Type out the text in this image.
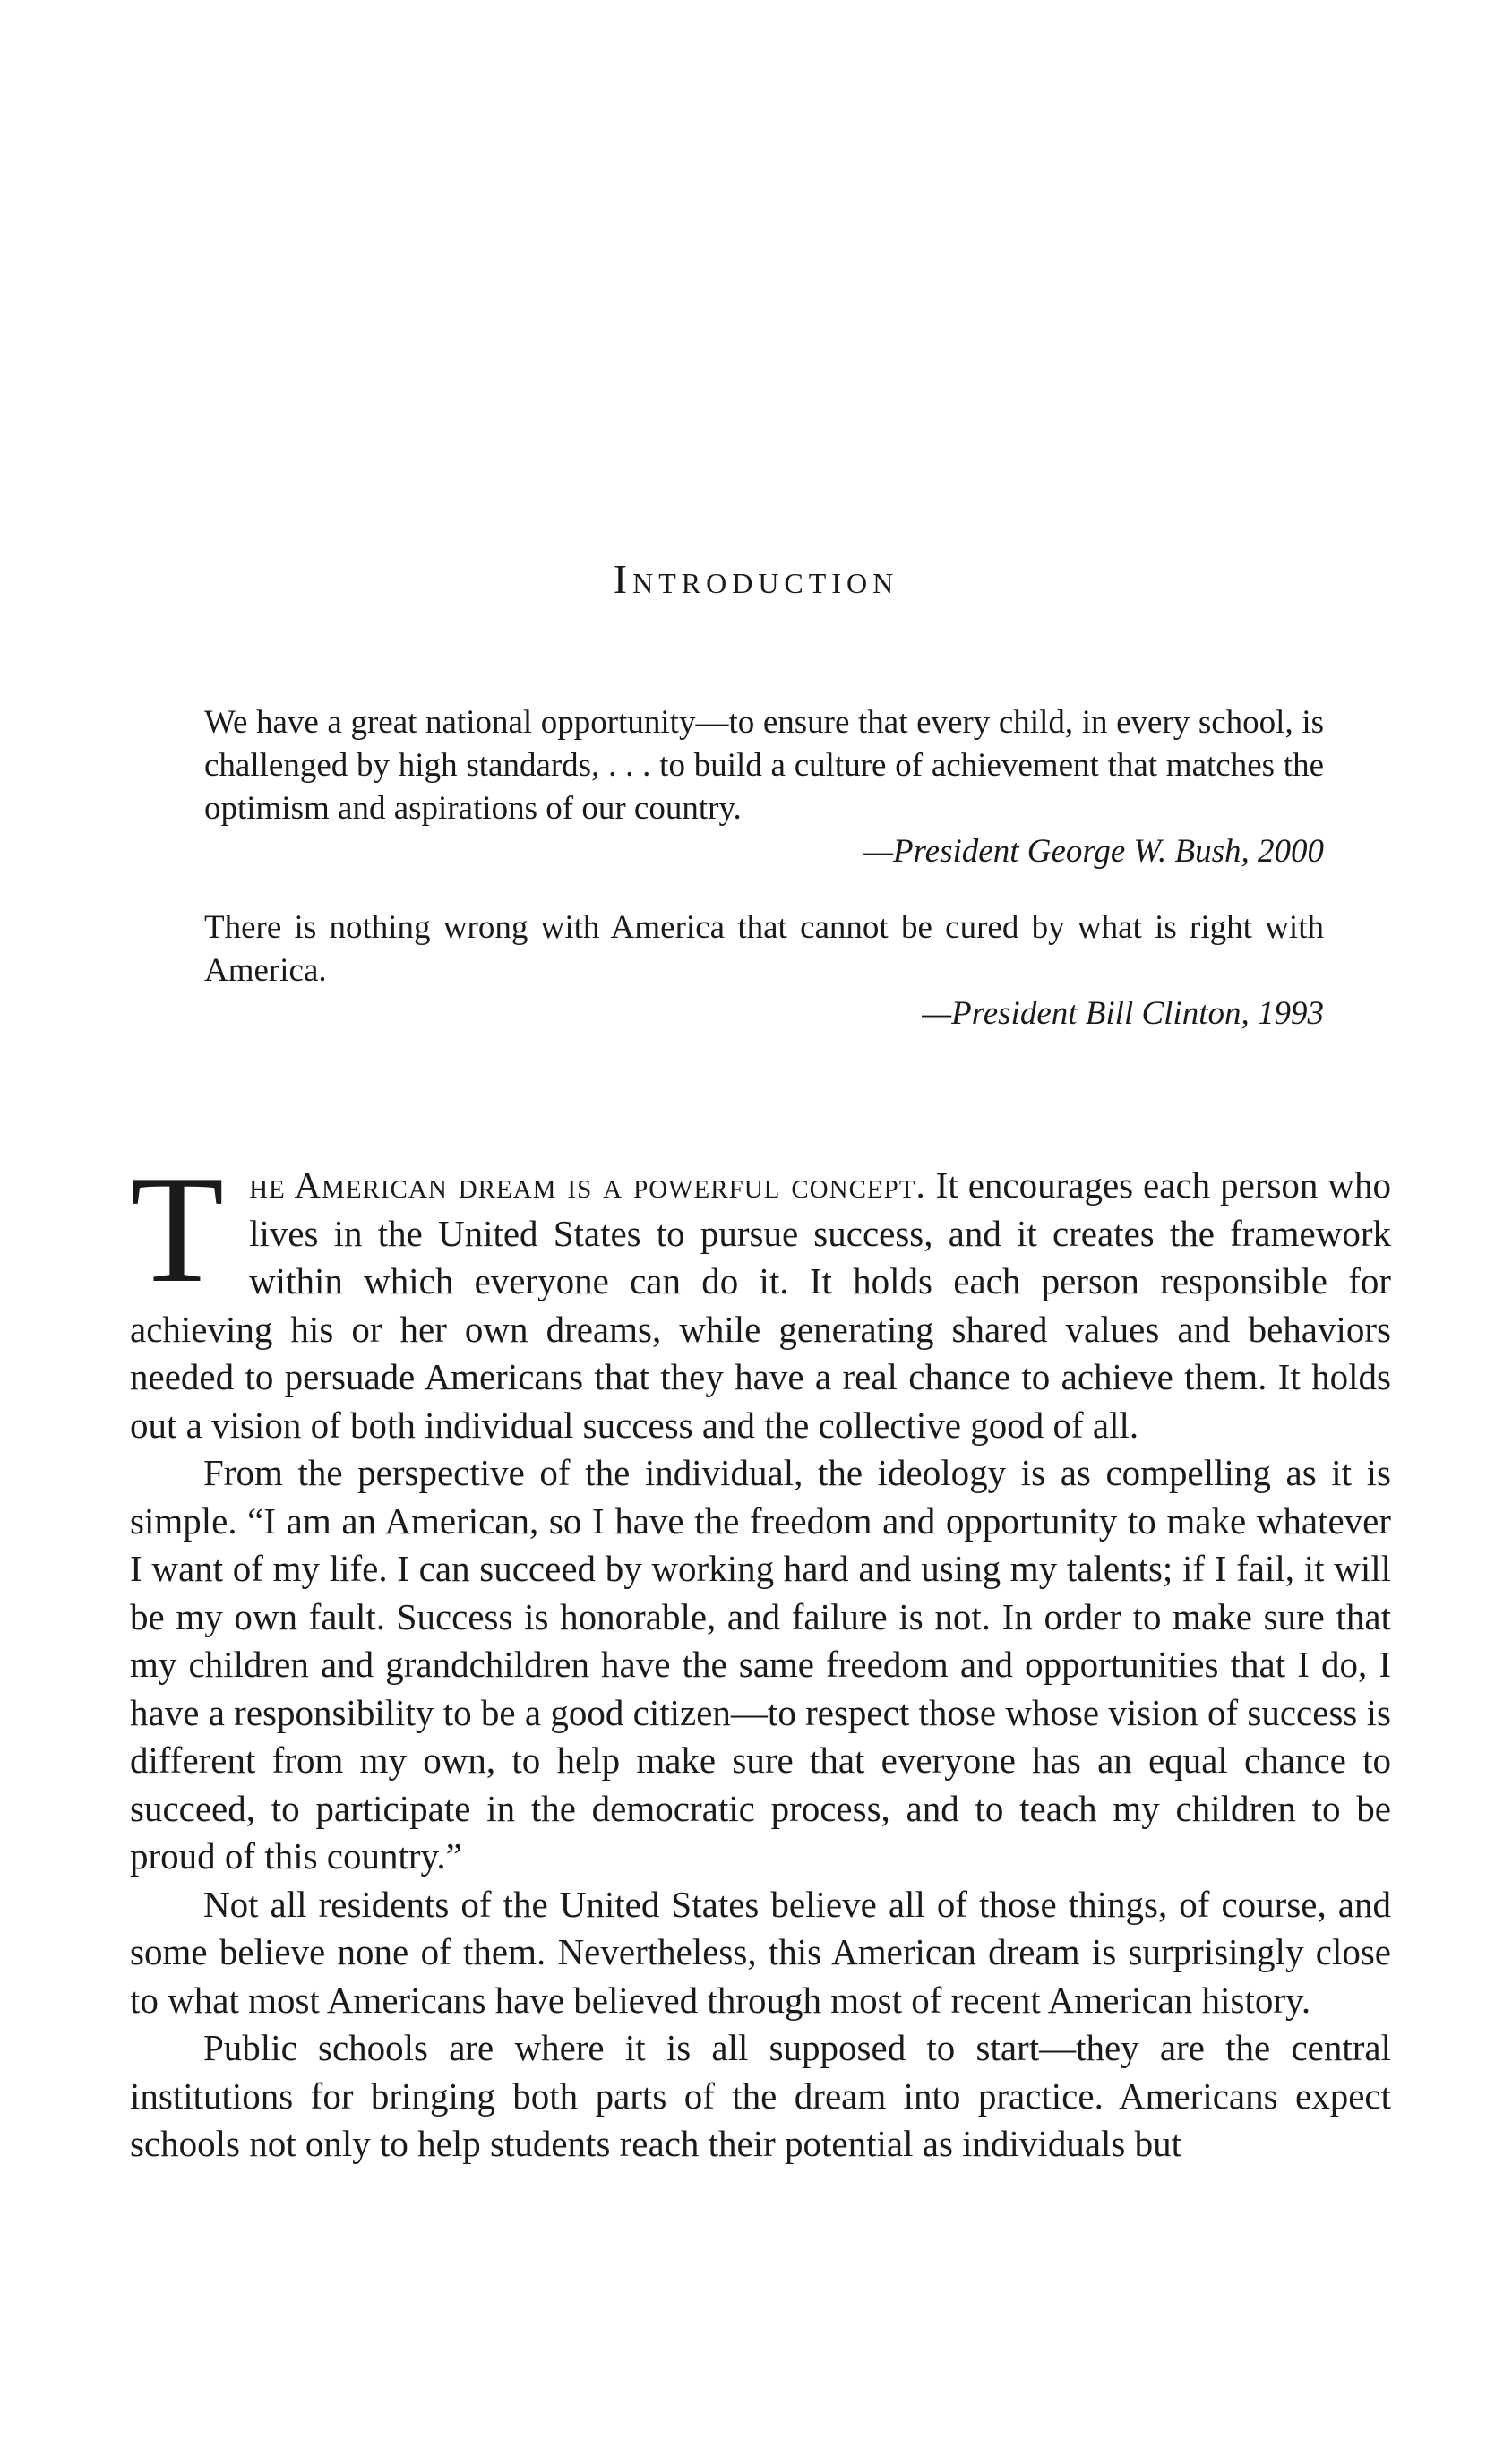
Introduction

We have a great national opportunity—to ensure that every child, in every school, is challenged by high standards, . . . to build a culture of achievement that matches the optimism and aspirations of our country.

—President George W. Bush, 2000

There is nothing wrong with America that cannot be cured by what is right with America.

—President Bill Clinton, 1993

The American dream is a powerful concept. It encourages each person who lives in the United States to pursue success, and it creates the framework within which everyone can do it. It holds each person responsible for achieving his or her own dreams, while generating shared values and behaviors needed to persuade Americans that they have a real chance to achieve them. It holds out a vision of both individual success and the collective good of all.

From the perspective of the individual, the ideology is as compelling as it is simple. “I am an American, so I have the freedom and opportunity to make whatever I want of my life. I can succeed by working hard and using my talents; if I fail, it will be my own fault. Success is honorable, and failure is not. In order to make sure that my children and grandchildren have the same freedom and opportunities that I do, I have a responsibility to be a good citizen—to respect those whose vision of success is different from my own, to help make sure that everyone has an equal chance to succeed, to participate in the democratic process, and to teach my children to be proud of this country.”

Not all residents of the United States believe all of those things, of course, and some believe none of them. Nevertheless, this American dream is surprisingly close to what most Americans have believed through most of recent American history.

Public schools are where it is all supposed to start—they are the central institutions for bringing both parts of the dream into practice. Americans expect schools not only to help students reach their potential as individuals but
